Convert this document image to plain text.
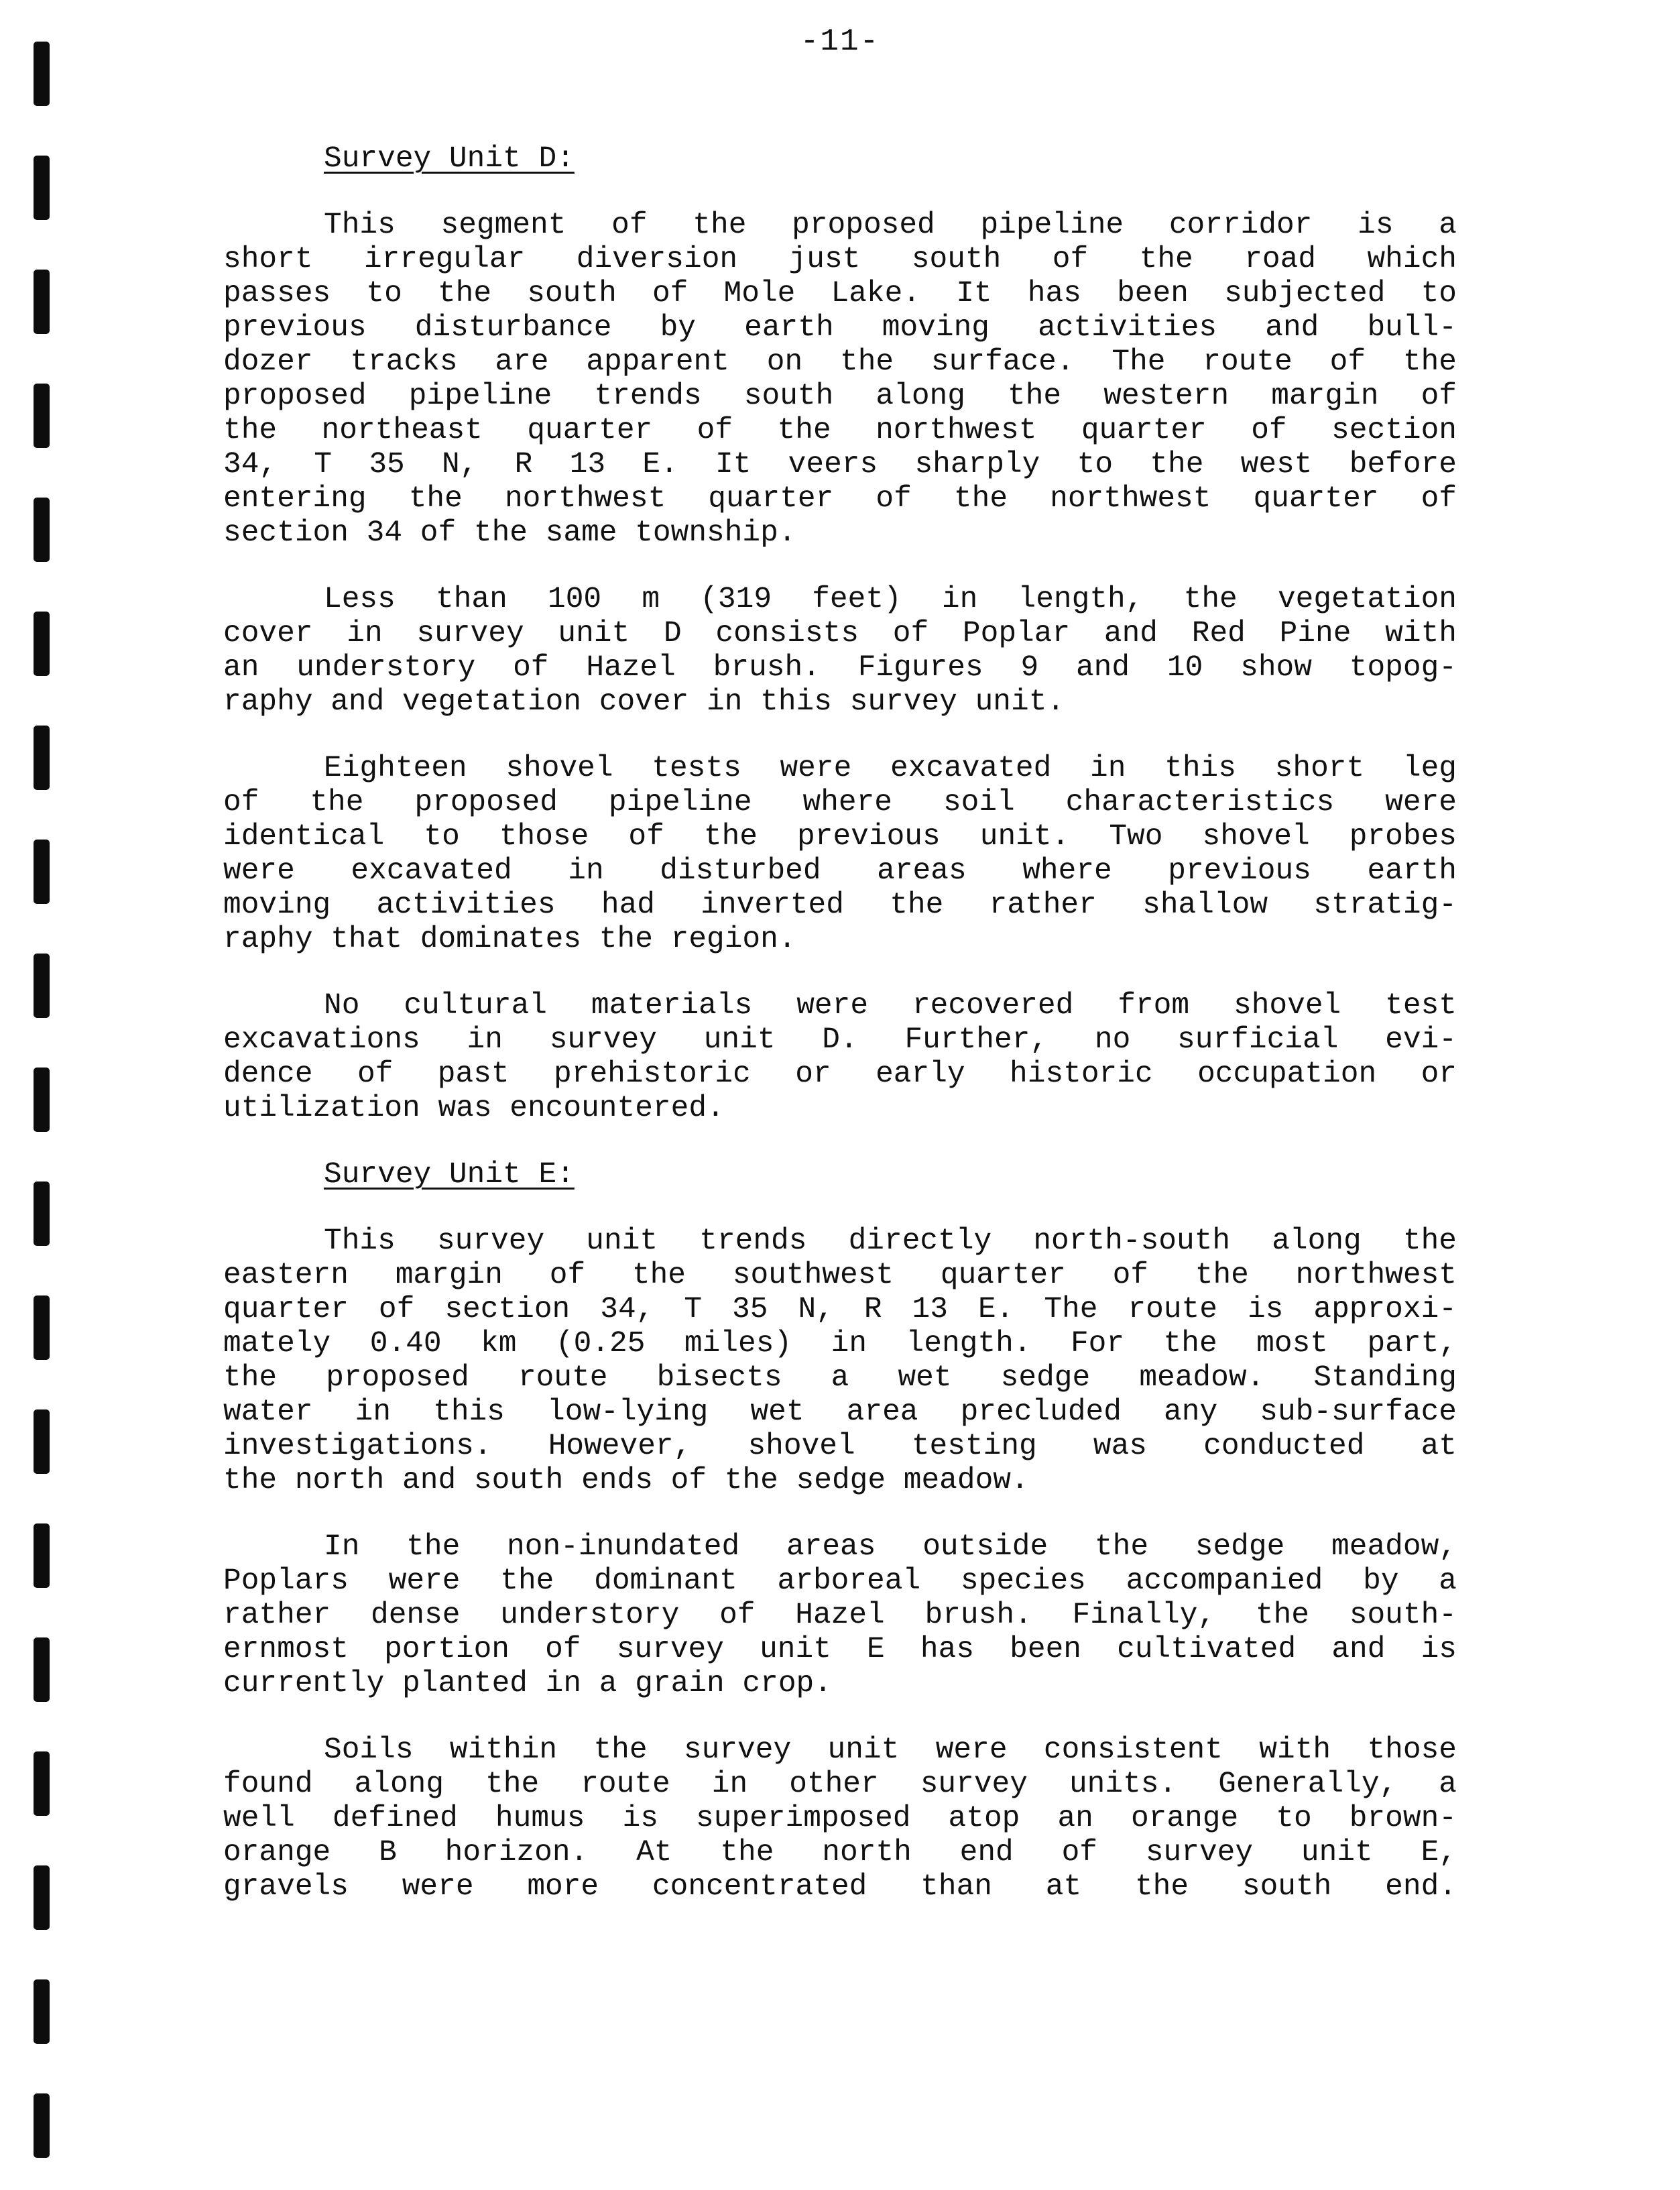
-11-
Survey Unit D:
This segment of the proposed pipeline corridor is a
short irregular diversion just south of the road which
passes to the south of Mole Lake. It has been subjected to
previous disturbance by earth moving activities and bull-
dozer tracks are apparent on the surface. The route of the
proposed pipeline trends south along the western margin of
the northeast quarter of the northwest quarter of section
34, T 35 N, R 13 E. It veers sharply to the west before
entering the northwest quarter of the northwest quarter of
section 34 of the same township.
Less than 100 m (319 feet) in length, the vegetation
cover in survey unit D consists of Poplar and Red Pine with
an understory of Hazel brush. Figures 9 and 10 show topog-
raphy and vegetation cover in this survey unit.
Eighteen shovel tests were excavated in this short leg
of the proposed pipeline where soil characteristics were
identical to those of the previous unit. Two shovel probes
were excavated in disturbed areas where previous earth
moving activities had inverted the rather shallow stratig-
raphy that dominates the region.
No cultural materials were recovered from shovel test
excavations in survey unit D. Further, no surficial evi-
dence of past prehistoric or early historic occupation or
utilization was encountered.
Survey Unit E:
This survey unit trends directly north-south along the
eastern margin of the southwest quarter of the northwest
quarter of section 34, T 35 N, R 13 E. The route is approxi-
mately 0.40 km (0.25 miles) in length. For the most part,
the proposed route bisects a wet sedge meadow. Standing
water in this low-lying wet area precluded any sub-surface
investigations. However, shovel testing was conducted at
the north and south ends of the sedge meadow.
In the non-inundated areas outside the sedge meadow,
Poplars were the dominant arboreal species accompanied by a
rather dense understory of Hazel brush. Finally, the south-
ernmost portion of survey unit E has been cultivated and is
currently planted in a grain crop.
Soils within the survey unit were consistent with those
found along the route in other survey units. Generally, a
well defined humus is superimposed atop an orange to brown-
orange B horizon. At the north end of survey unit E,
gravels were more concentrated than at the south end.
